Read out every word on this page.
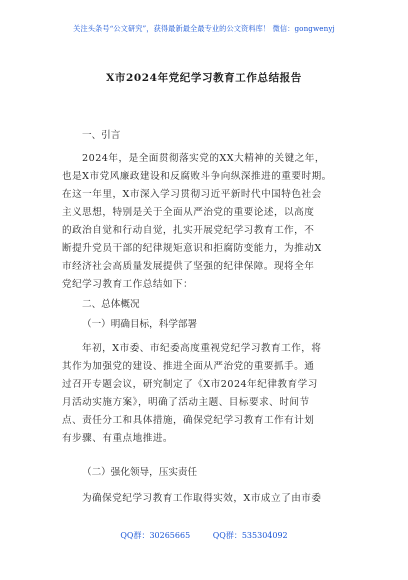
关注头条号“公文研究”，获得最新最全最专业的公文资料库！ 微信：gongwenyj
X市2024年党纪学习教育工作总结报告
一、引言
2024年，是全面贯彻落实党的XX大精神的关键之年，
也是X市党风廉政建设和反腐败斗争向纵深推进的重要时期。
在这一年里，X市深入学习贯彻习近平新时代中国特色社会
主义思想，特别是关于全面从严治党的重要论述，以高度
的政治自觉和行动自觉，扎实开展党纪学习教育工作，不
断提升党员干部的纪律规矩意识和拒腐防变能力，为推动X
市经济社会高质量发展提供了坚强的纪律保障。现将全年
党纪学习教育工作总结如下：
二、总体概况
（一）明确目标，科学部署
年初，X市委、市纪委高度重视党纪学习教育工作，将
其作为加强党的建设、推进全面从严治党的重要抓手。通
过召开专题会议，研究制定了《X市2024年纪律教育学习
月活动实施方案》，明确了活动主题、目标要求、时间节
点、责任分工和具体措施，确保党纪学习教育工作有计划
有步骤、有重点地推进。
（二）强化领导，压实责任
为确保党纪学习教育工作取得实效，X市成立了由市委
QQ群：30265665	QQ群：535304092
